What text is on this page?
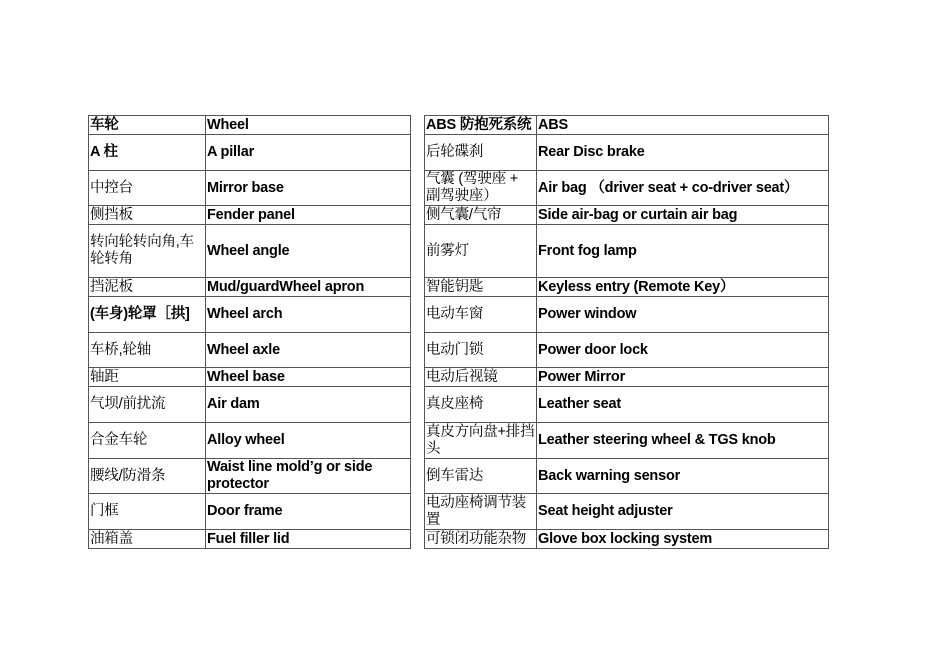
车轮	Wheel
A 柱	A pillar
中控台	Mirror base
侧挡板	Fender panel
转向轮转向角,车轮转角	Wheel angle
挡泥板	Mud/guardWheel apron
(车身)轮罩［拱]	Wheel arch
车桥,轮轴	Wheel axle
轴距	Wheel base
气坝/前扰流	Air dam
合金车轮	Alloy wheel
腰线/防滑条	Waist line mold’g or side protector
门框	Door frame
油箱盖	Fuel filler lid
ABS 防抱死系统	ABS
后轮碟刹	Rear Disc brake
气囊 (驾驶座 + 副驾驶座）	Air bag （driver seat + co-driver seat）
侧气囊/气帘	Side air-bag or curtain air bag
前雾灯	Front fog lamp
智能钥匙	Keyless entry (Remote Key）
电动车窗	Power window
电动门锁	Power door lock
电动后视镜	Power Mirror
真皮座椅	Leather seat
真皮方向盘+排挡头	Leather steering wheel & TGS knob
倒车雷达	Back warning sensor
电动座椅调节装置	Seat height adjuster
可锁闭功能杂物	Glove box locking system
